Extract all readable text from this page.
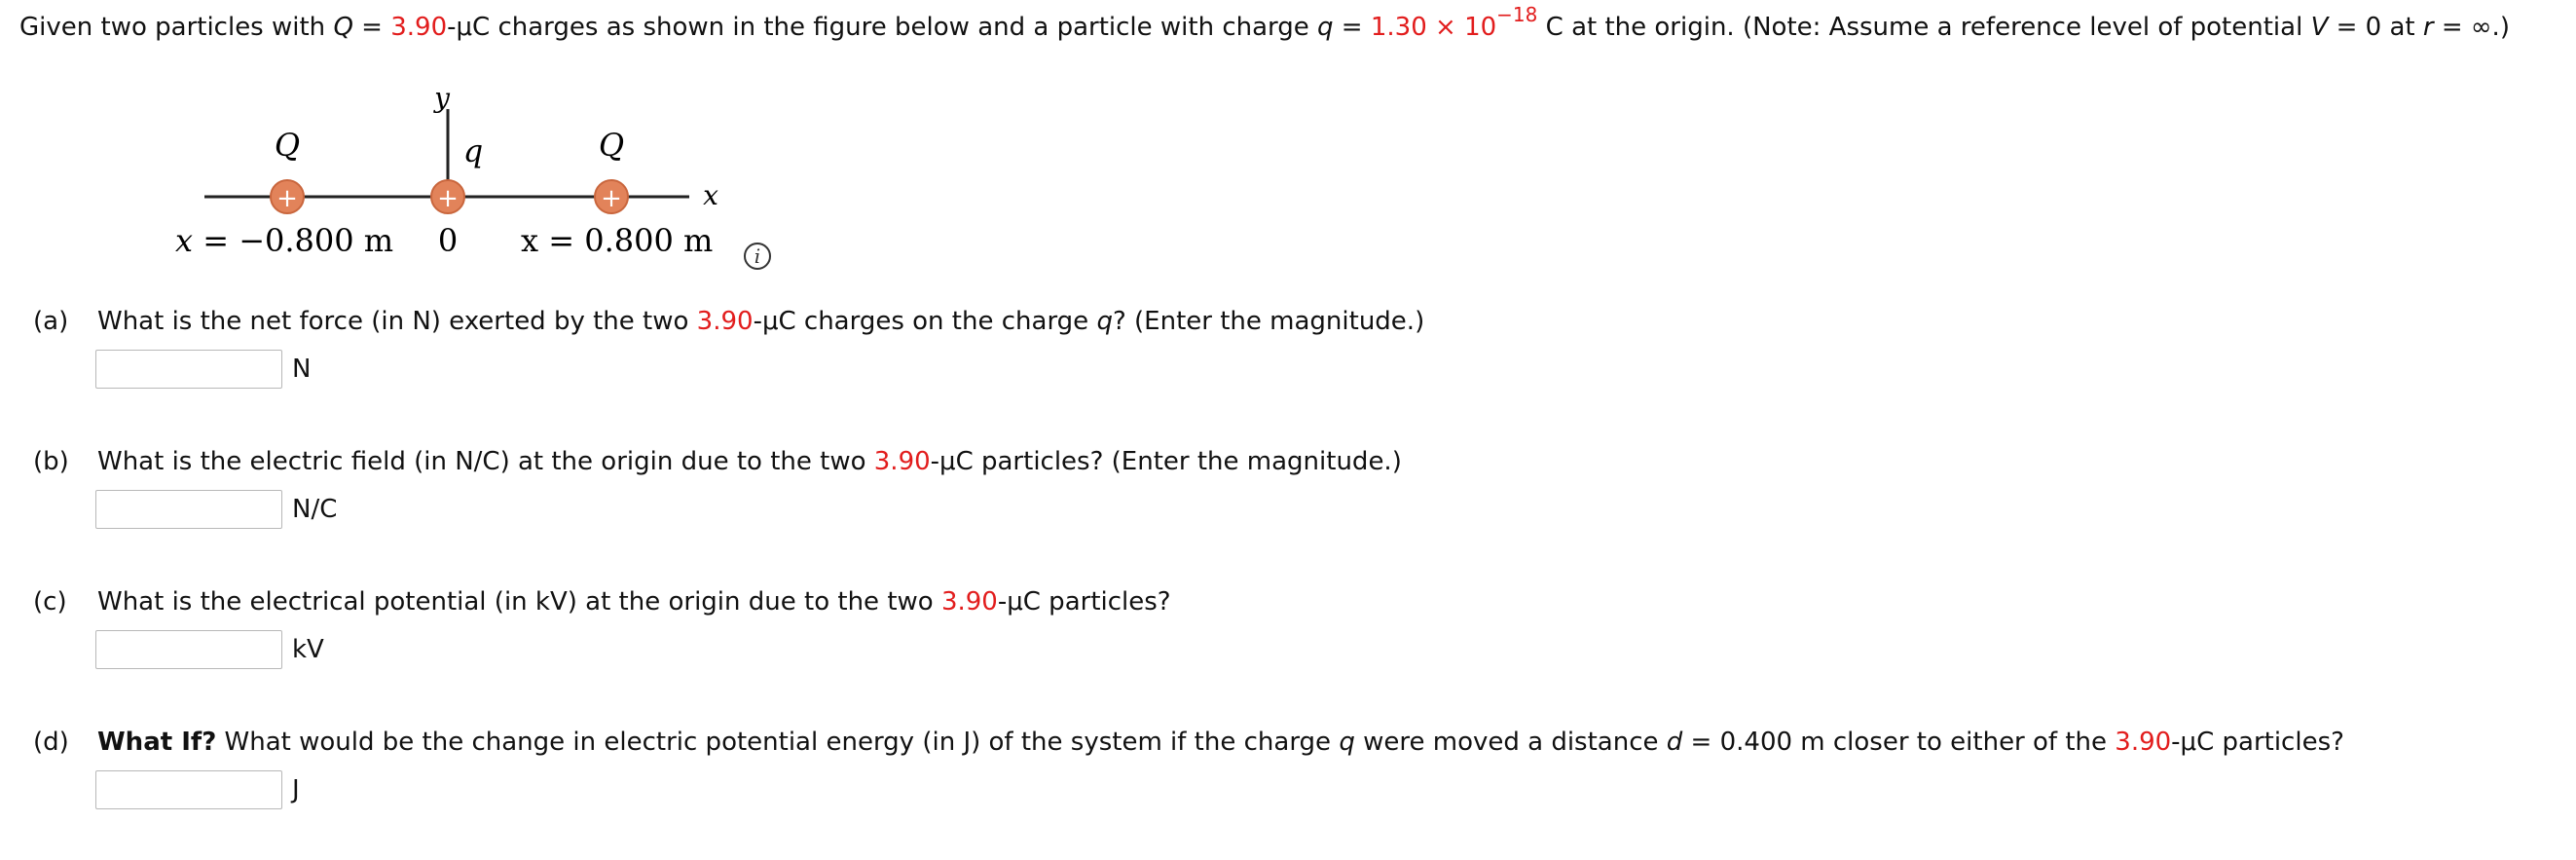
Given two particles with Q = 3.90-μC charges as shown in the figure below and a particle with charge $q = 1.30 \times 10^{-18}$ C at the origin. (Note: Assume a reference level of potential V = 0 at r = ∞.)
y
x
Q	q	Q
+	+	+
x = −0.800 m 0 x = 0.800 m i
(a) What is the net force (in N) exerted by the two 3.90-μC charges on the charge q? (Enter the magnitude.)
N
(b) What is the electric field (in N/C) at the origin due to the two 3.90-μC particles? (Enter the magnitude.)
N/C
(c) What is the electrical potential (in kV) at the origin due to the two 3.90-μC particles?
kV
(d) What If? What would be the change in electric potential energy (in J) of the system if the charge q were moved a distance d = 0.400 m closer to either of the 3.90-μC particles?
J
